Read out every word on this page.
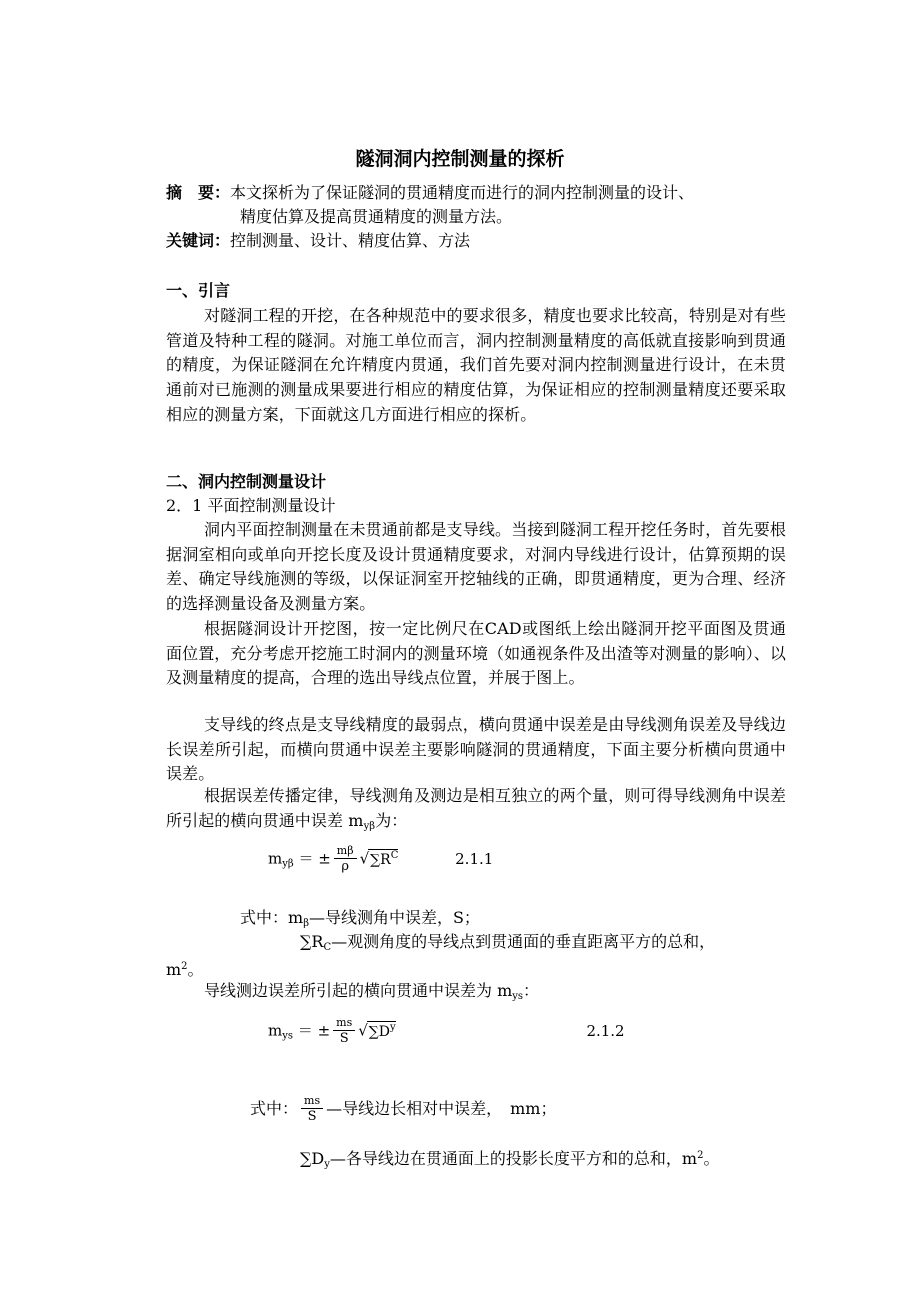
隧洞洞内控制测量的探析
摘　要：本文探析为了保证隧洞的贯通精度而进行的洞内控制测量的设计、
精度估算及提高贯通精度的测量方法。
关键词：控制测量、设计、精度估算、方法
一、引言
对隧洞工程的开挖，在各种规范中的要求很多，精度也要求比较高，特别是对有些管道及特种工程的隧洞。对施工单位而言，洞内控制测量精度的高低就直接影响到贯通的精度，为保证隧洞在允许精度内贯通，我们首先要对洞内控制测量进行设计，在未贯通前对已施测的测量成果要进行相应的精度估算，为保证相应的控制测量精度还要采取相应的测量方案，下面就这几方面进行相应的探析。
二、洞内控制测量设计
2．1 平面控制测量设计
洞内平面控制测量在未贯通前都是支导线。当接到隧洞工程开挖任务时，首先要根据洞室相向或单向开挖长度及设计贯通精度要求，对洞内导线进行设计，估算预期的误差、确定导线施测的等级，以保证洞室开挖轴线的正确，即贯通精度，更为合理、经济的选择测量设备及测量方案。
根据隧洞设计开挖图，按一定比例尺在CAD或图纸上绘出隧洞开挖平面图及贯通面位置，充分考虑开挖施工时洞内的测量环境（如通视条件及出渣等对测量的影响）、以及测量精度的提高，合理的选出导线点位置，并展于图上。
支导线的终点是支导线精度的最弱点，横向贯通中误差是由导线测角误差及导线边长误差所引起，而横向贯通中误差主要影响隧洞的贯通精度，下面主要分析横向贯通中误差。
根据误差传播定律，导线测角及测边是相互独立的两个量，则可得导线测角中误差所引起的横向贯通中误差 $m_{y\beta}$为：
$m_{y\beta}$ ＝ ± $\frac{m\beta}{\rho} √\sum R^C$	2.1.1
式中：$m_\beta—$导线测角中误差，S；
$\sum R_C—$观测角度的导线点到贯通面的垂直距离平方的总和，
$m^2$。
导线测边误差所引起的横向贯通中误差为 $m_{ys}$：
$m_{ys}$ ＝ ± $\frac{ms}{S} √\sum D^y$	2.1.2
式中： $\frac{ms}{S}$ —导线边长相对中误差，　mm；
$\sum D_y—$各导线边在贯通面上的投影长度平方和的总和，$m^2$。
